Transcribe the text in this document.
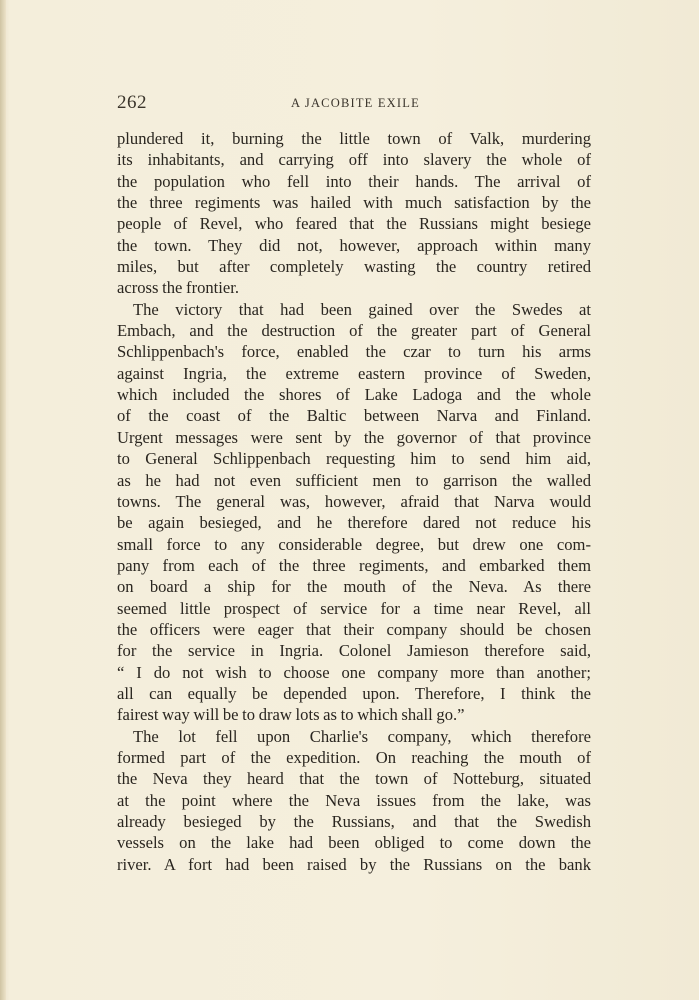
262	A JACOBITE EXILE
plundered it, burning the little town of Valk, murdering
its inhabitants, and carrying off into slavery the whole of
the population who fell into their hands. The arrival of
the three regiments was hailed with much satisfaction by the
people of Revel, who feared that the Russians might besiege
the town. They did not, however, approach within many
miles, but after completely wasting the country retired
across the frontier.
The victory that had been gained over the Swedes at
Embach, and the destruction of the greater part of General
Schlippenbach's force, enabled the czar to turn his arms
against Ingria, the extreme eastern province of Sweden,
which included the shores of Lake Ladoga and the whole
of the coast of the Baltic between Narva and Finland.
Urgent messages were sent by the governor of that province
to General Schlippenbach requesting him to send him aid,
as he had not even sufficient men to garrison the walled
towns. The general was, however, afraid that Narva would
be again besieged, and he therefore dared not reduce his
small force to any considerable degree, but drew one com-
pany from each of the three regiments, and embarked them
on board a ship for the mouth of the Neva. As there
seemed little prospect of service for a time near Revel, all
the officers were eager that their company should be chosen
for the service in Ingria. Colonel Jamieson therefore said,
“ I do not wish to choose one company more than another;
all can equally be depended upon. Therefore, I think the
fairest way will be to draw lots as to which shall go.”
The lot fell upon Charlie's company, which therefore
formed part of the expedition. On reaching the mouth of
the Neva they heard that the town of Notteburg, situated
at the point where the Neva issues from the lake, was
already besieged by the Russians, and that the Swedish
vessels on the lake had been obliged to come down the
river. A fort had been raised by the Russians on the bank
